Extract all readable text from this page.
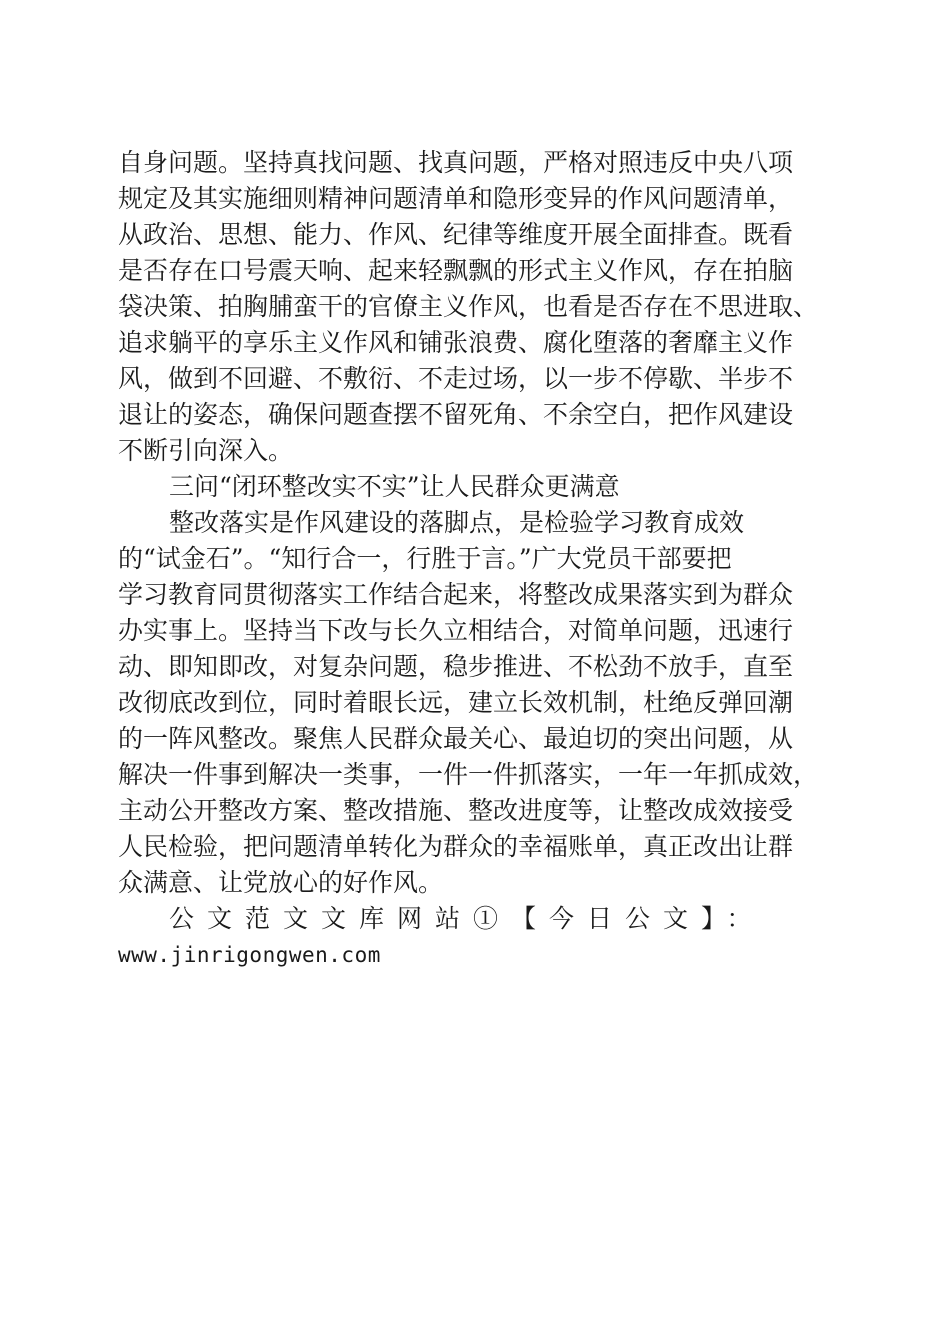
自身问题。坚持真找问题、找真问题，严格对照违反中央八项
规定及其实施细则精神问题清单和隐形变异的作风问题清单，
从政治、思想、能力、作风、纪律等维度开展全面排查。既看
是否存在口号震天响、起来轻飘飘的形式主义作风，存在拍脑
袋决策、拍胸脯蛮干的官僚主义作风，也看是否存在不思进取、
追求躺平的享乐主义作风和铺张浪费、腐化堕落的奢靡主义作
风，做到不回避、不敷衍、不走过场，以一步不停歇、半步不
退让的姿态，确保问题查摆不留死角、不余空白，把作风建设
不断引向深入。
三问“闭环整改实不实”让人民群众更满意
整改落实是作风建设的落脚点，是检验学习教育成效
的“试金石”。“知行合一，行胜于言。”广大党员干部要把
学习教育同贯彻落实工作结合起来，将整改成果落实到为群众
办实事上。坚持当下改与长久立相结合，对简单问题，迅速行
动、即知即改，对复杂问题，稳步推进、不松劲不放手，直至
改彻底改到位，同时着眼长远，建立长效机制，杜绝反弹回潮
的一阵风整改。聚焦人民群众最关心、最迫切的突出问题，从
解决一件事到解决一类事，一件一件抓落实，一年一年抓成效，
主动公开整改方案、整改措施、整改进度等，让整改成效接受
人民检验，把问题清单转化为群众的幸福账单，真正改出让群
众满意、让党放心的好作风。
公文范文文库网站①【今日公文】：
www.jinrigongwen.com
